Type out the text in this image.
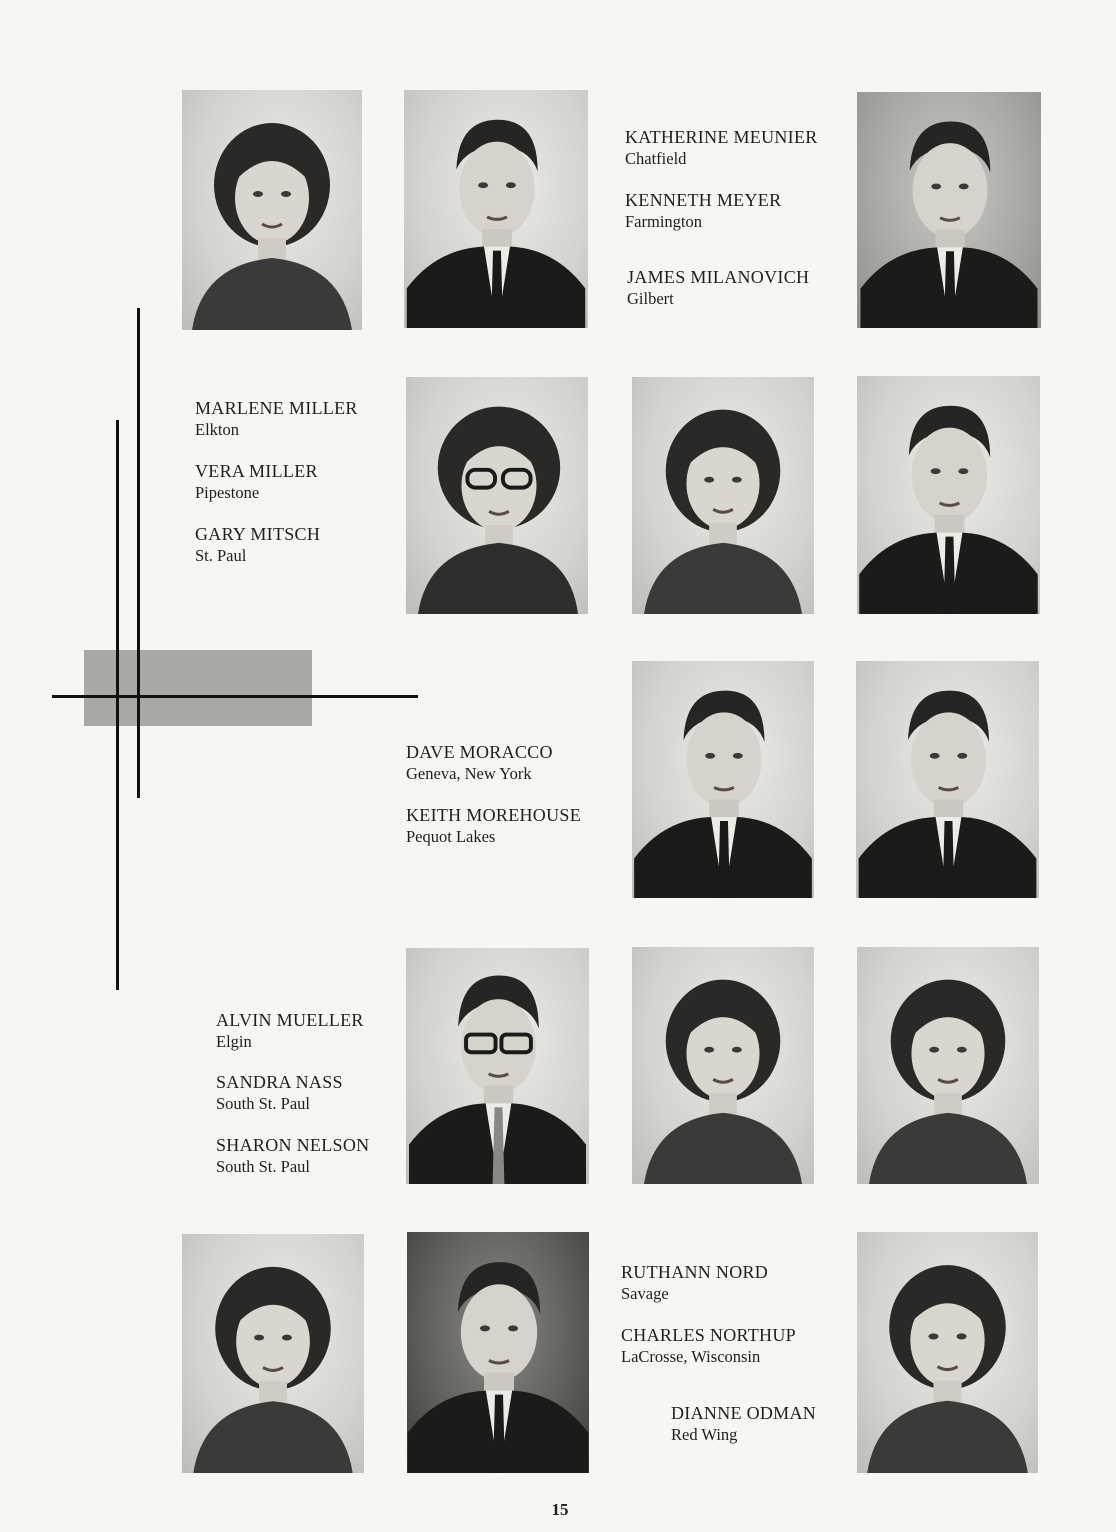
KATHERINE MEUNIER
Chatfield
KENNETH MEYER
Farmington
JAMES MILANOVICH
Gilbert
MARLENE MILLER
Elkton
VERA MILLER
Pipestone
GARY MITSCH
St. Paul
DAVE MORACCO
Geneva, New York
KEITH MOREHOUSE
Pequot Lakes
ALVIN MUELLER
Elgin
SANDRA NASS
South St. Paul
SHARON NELSON
South St. Paul
RUTHANN NORD
Savage
CHARLES NORTHUP
LaCrosse, Wisconsin
DIANNE ODMAN
Red Wing
15
